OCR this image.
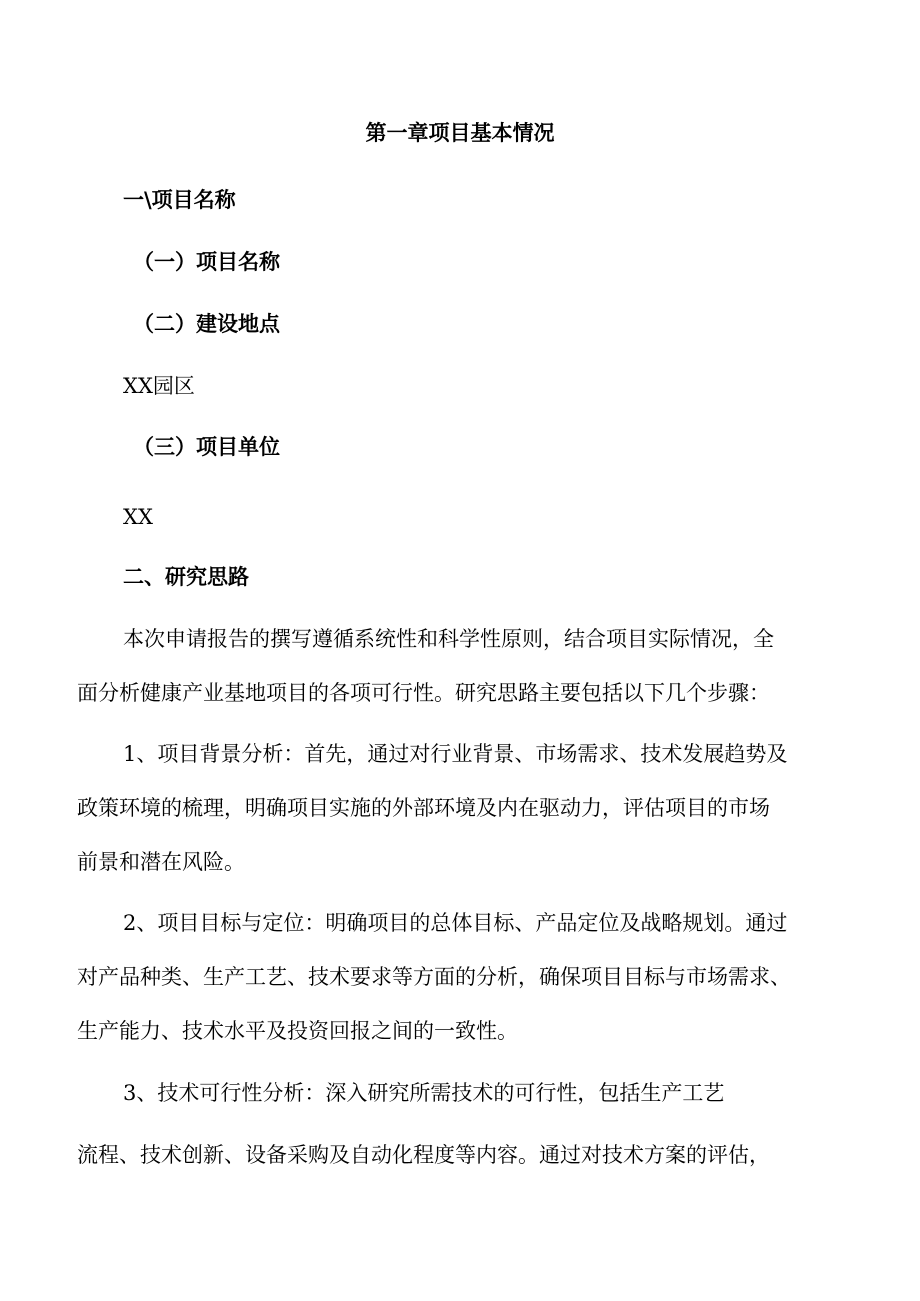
第一章项目基本情况

一\项目名称

（一）项目名称

（二）建设地点

XX园区

（三）项目单位

XX

二、研究思路

本次申请报告的撰写遵循系统性和科学性原则，结合项目实际情况，全

面分析健康产业基地项目的各项可行性。研究思路主要包括以下几个步骤：

1、项目背景分析：首先，通过对行业背景、市场需求、技术发展趋势及

政策环境的梳理，明确项目实施的外部环境及内在驱动力，评估项目的市场

前景和潜在风险。

2、项目目标与定位：明确项目的总体目标、产品定位及战略规划。通过

对产品种类、生产工艺、技术要求等方面的分析，确保项目目标与市场需求、

生产能力、技术水平及投资回报之间的一致性。

3、技术可行性分析：深入研究所需技术的可行性，包括生产工艺

流程、技术创新、设备采购及自动化程度等内容。通过对技术方案的评估，
